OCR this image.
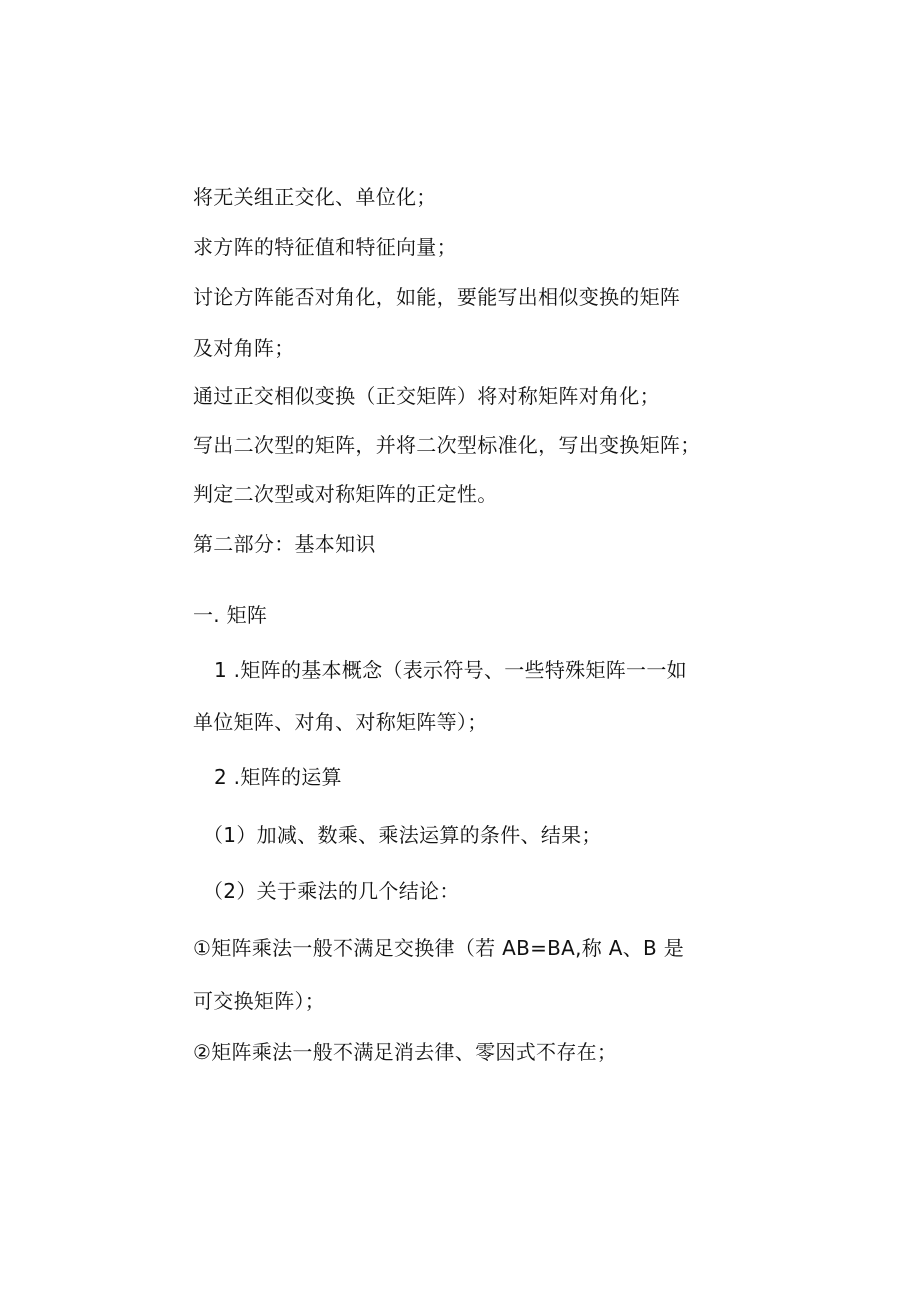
将无关组正交化、单位化；
求方阵的特征值和特征向量；
讨论方阵能否对角化，如能，要能写出相似变换的矩阵
及对角阵；
通过正交相似变换（正交矩阵）将对称矩阵对角化；
写出二次型的矩阵，并将二次型标准化，写出变换矩阵；
判定二次型或对称矩阵的正定性。
第二部分：基本知识
一. 矩阵
1 .矩阵的基本概念（表示符号、一些特殊矩阵一一如
单位矩阵、对角、对称矩阵等）；
2 .矩阵的运算
（1）加减、数乘、乘法运算的条件、结果；
（2）关于乘法的几个结论：
①矩阵乘法一般不满足交换律（若 AB=BA,称 A、B 是
可交换矩阵）；
②矩阵乘法一般不满足消去律、零因式不存在；
